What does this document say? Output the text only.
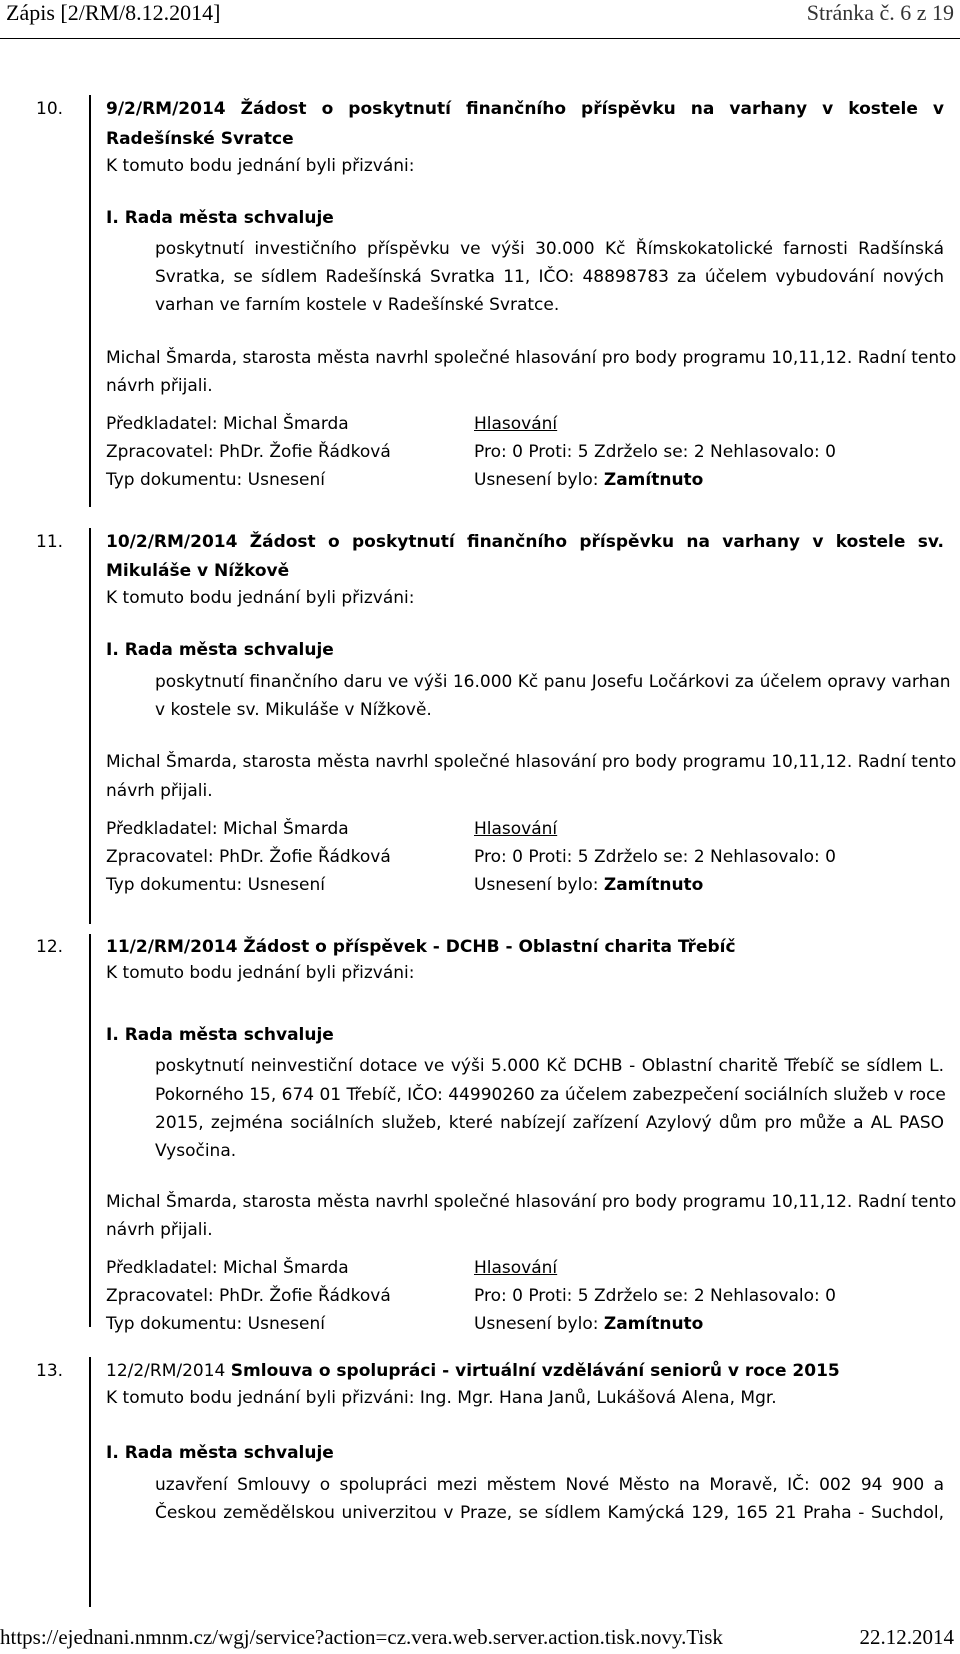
Zápis [2/RM/8.12.2014]	Stránka č. 6 z 19
10.	9/2/RM/2014 Žádost o poskytnutí finančního příspěvku na varhany v kostele v
Radešínské Svratce
K tomuto bodu jednání byli přizváni:
I. Rada města schvaluje
poskytnutí investičního příspěvku ve výši 30.000 Kč Římskokatolické farnosti Radšínská
Svratka, se sídlem Radešínská Svratka 11, IČO: 48898783 za účelem vybudování nových
varhan ve farním kostele v Radešínské Svratce.
Michal Šmarda, starosta města navrhl společné hlasování pro body programu 10,11,12. Radní tento
návrh přijali.
Předkladatel: Michal Šmarda	Hlasování
Zpracovatel: PhDr. Žofie Řádková	Pro: 0 Proti: 5 Zdrželo se: 2 Nehlasovalo: 0
Typ dokumentu: Usnesení	Usnesení bylo: Zamítnuto
11.	10/2/RM/2014 Žádost o poskytnutí finančního příspěvku na varhany v kostele sv.
Mikuláše v Nížkově
K tomuto bodu jednání byli přizváni:
I. Rada města schvaluje
poskytnutí finančního daru ve výši 16.000 Kč panu Josefu Ločárkovi za účelem opravy varhan
v kostele sv. Mikuláše v Nížkově.
Michal Šmarda, starosta města navrhl společné hlasování pro body programu 10,11,12. Radní tento
návrh přijali.
Předkladatel: Michal Šmarda	Hlasování
Zpracovatel: PhDr. Žofie Řádková	Pro: 0 Proti: 5 Zdrželo se: 2 Nehlasovalo: 0
Typ dokumentu: Usnesení	Usnesení bylo: Zamítnuto
12.	11/2/RM/2014 Žádost o příspěvek - DCHB - Oblastní charita Třebíč
K tomuto bodu jednání byli přizváni:
I. Rada města schvaluje
poskytnutí neinvestiční dotace ve výši 5.000 Kč DCHB - Oblastní charitě Třebíč se sídlem L.
Pokorného 15, 674 01 Třebíč, IČO: 44990260 za účelem zabezpečení sociálních služeb v roce
2015, zejména sociálních služeb, které nabízejí zařízení Azylový dům pro může a AL PASO
Vysočina.
Michal Šmarda, starosta města navrhl společné hlasování pro body programu 10,11,12. Radní tento
návrh přijali.
Předkladatel: Michal Šmarda	Hlasování
Zpracovatel: PhDr. Žofie Řádková	Pro: 0 Proti: 5 Zdrželo se: 2 Nehlasovalo: 0
Typ dokumentu: Usnesení	Usnesení bylo: Zamítnuto
13.	12/2/RM/2014 Smlouva o spolupráci - virtuální vzdělávání seniorů v roce 2015
K tomuto bodu jednání byli přizváni: Ing. Mgr. Hana Janů, Lukášová Alena, Mgr.
I. Rada města schvaluje
uzavření Smlouvy o spolupráci mezi městem Nové Město na Moravě, IČ: 002 94 900 a
Českou zemědělskou univerzitou v Praze, se sídlem Kamýcká 129, 165 21 Praha - Suchdol,
https://ejednani.nmnm.cz/wgj/service?action=cz.vera.web.server.action.tisk.novy.Tisk	22.12.2014
